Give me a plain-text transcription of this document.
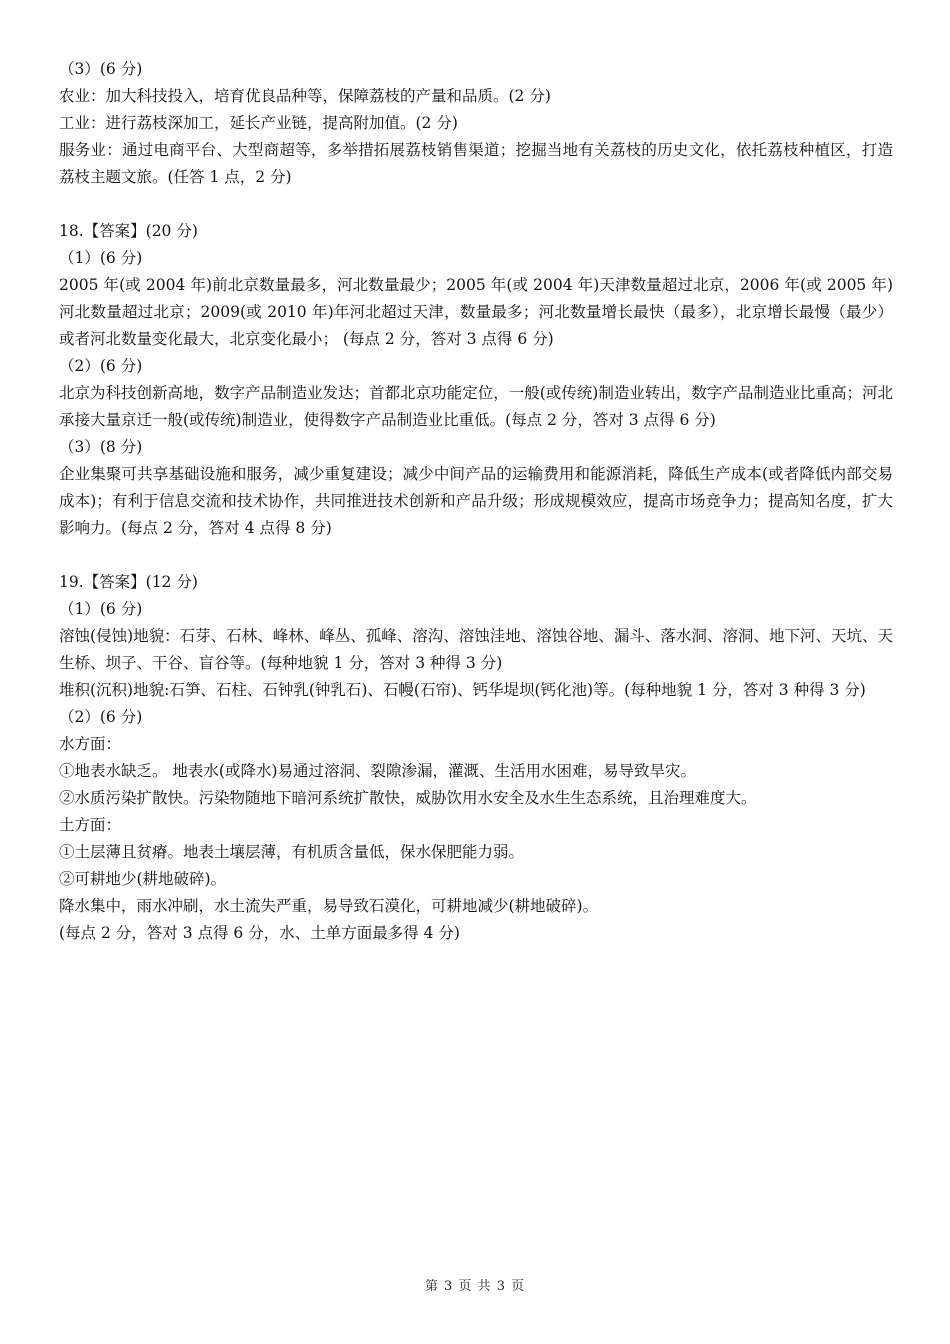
（3）(6 分)

农业：加大科技投入，培育优良品种等，保障荔枝的产量和品质。(2 分)

工业：进行荔枝深加工，延长产业链，提高附加值。(2 分)

服务业：通过电商平台、大型商超等，多举措拓展荔枝销售渠道；挖掘当地有关荔枝的历史文化，依托荔枝种植区，打造荔枝主题文旅。(任答 1 点，2 分)

18.【答案】(20 分)

（1）(6 分)

2005 年(或 2004 年)前北京数量最多，河北数量最少；2005 年(或 2004 年)天津数量超过北京，2006 年(或 2005 年) 河北数量超过北京；2009(或 2010 年)年河北超过天津，数量最多；河北数量增长最快（最多），北京增长最慢（最少）或者河北数量变化最大，北京变化最小； (每点 2 分，答对 3 点得 6 分)

（2）(6 分)

北京为科技创新高地，数字产品制造业发达；首都北京功能定位，一般(或传统)制造业转出，数字产品制造业比重高；河北承接大量京迁一般(或传统)制造业，使得数字产品制造业比重低。(每点 2 分，答对 3 点得 6 分)

（3）(8 分)

企业集聚可共享基础设施和服务，减少重复建设；减少中间产品的运输费用和能源消耗，降低生产成本(或者降低内部交易成本)；有利于信息交流和技术协作，共同推进技术创新和产品升级；形成规模效应，提高市场竞争力；提高知名度，扩大影响力。(每点 2 分，答对 4 点得 8 分)

19.【答案】(12 分)

（1）(6 分)

溶蚀(侵蚀)地貌：石芽、石林、峰林、峰丛、孤峰、溶沟、溶蚀洼地、溶蚀谷地、漏斗、落水洞、溶洞、地下河、天坑、天生桥、坝子、干谷、盲谷等。(每种地貌 1 分，答对 3 种得 3 分)

堆积(沉积)地貌:石笋、石柱、石钟乳(钟乳石)、石幔(石帘)、钙华堤坝(钙化池)等。(每种地貌 1 分，答对 3 种得 3 分)

（2）(6 分)

水方面：

①地表水缺乏。 地表水(或降水)易通过溶洞、裂隙渗漏，灌溉、生活用水困难，易导致旱灾。

②水质污染扩散快。污染物随地下暗河系统扩散快，威胁饮用水安全及水生生态系统，且治理难度大。

土方面：

①土层薄且贫瘠。地表土壤层薄，有机质含量低，保水保肥能力弱。

②可耕地少(耕地破碎)。

降水集中，雨水冲刷，水土流失严重，易导致石漠化，可耕地减少(耕地破碎)。

(每点 2 分，答对 3 点得 6 分，水、土单方面最多得 4 分)

第 3 页 共 3 页
